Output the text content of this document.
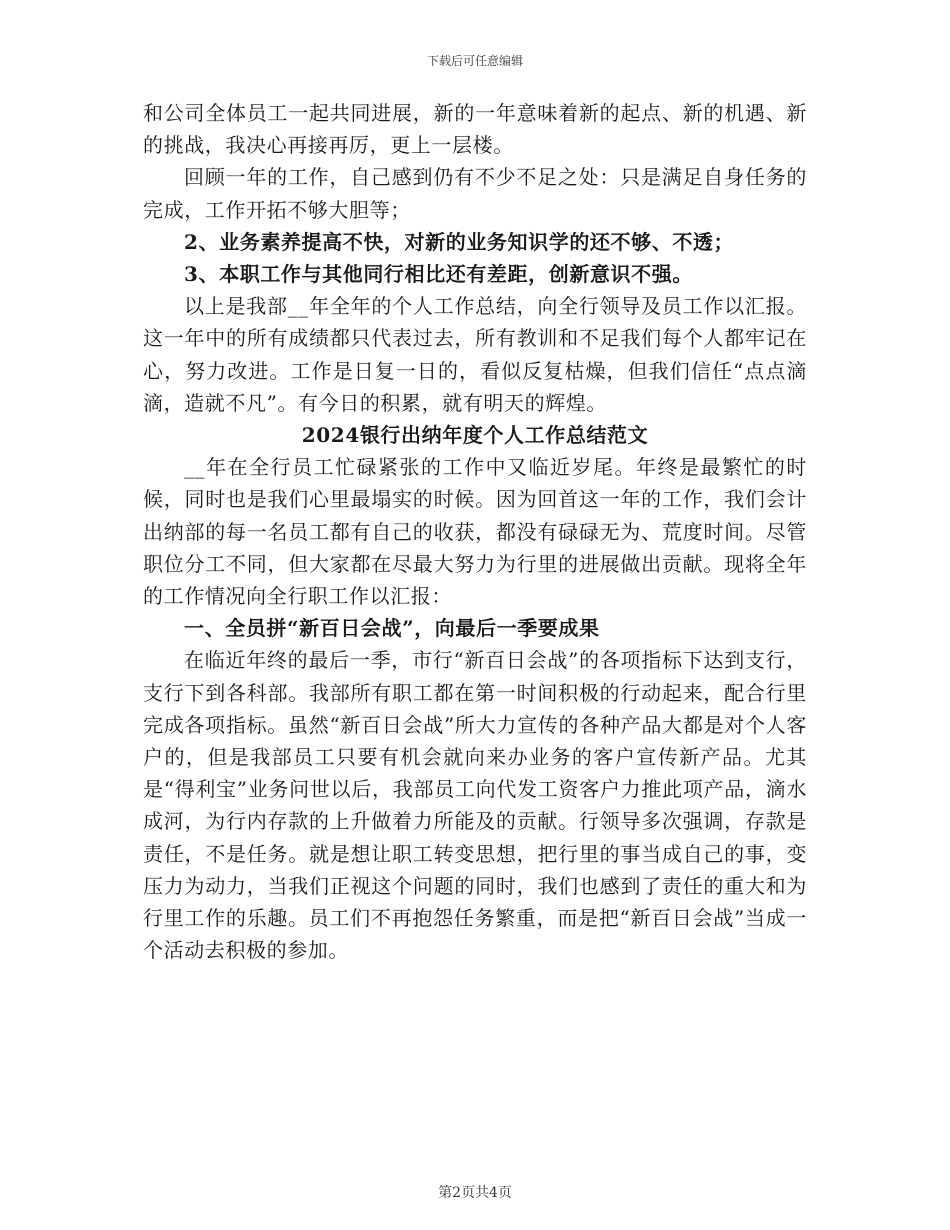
下载后可任意编辑

和公司全体员工一起共同进展，新的一年意味着新的起点、新的机遇、新的挑战，我决心再接再厉，更上一层楼。

回顾一年的工作，自己感到仍有不少不足之处：只是满足自身任务的完成，工作开拓不够大胆等；

2、业务素养提高不快，对新的业务知识学的还不够、不透；

3、本职工作与其他同行相比还有差距，创新意识不强。

以上是我部__年全年的个人工作总结，向全行领导及员工作以汇报。这一年中的所有成绩都只代表过去，所有教训和不足我们每个人都牢记在心，努力改进。工作是日复一日的，看似反复枯燥，但我们信任“点点滴滴，造就不凡”。有今日的积累，就有明天的辉煌。

2024银行出纳年度个人工作总结范文

__年在全行员工忙碌紧张的工作中又临近岁尾。年终是最繁忙的时候，同时也是我们心里最塌实的时候。因为回首这一年的工作，我们会计出纳部的每一名员工都有自己的收获，都没有碌碌无为、荒度时间。尽管职位分工不同，但大家都在尽最大努力为行里的进展做出贡献。现将全年的工作情况向全行职工作以汇报：

一、全员拼“新百日会战”，向最后一季要成果

在临近年终的最后一季，市行“新百日会战”的各项指标下达到支行，支行下到各科部。我部所有职工都在第一时间积极的行动起来，配合行里完成各项指标。虽然“新百日会战”所大力宣传的各种产品大都是对个人客户的，但是我部员工只要有机会就向来办业务的客户宣传新产品。尤其是“得利宝”业务问世以后，我部员工向代发工资客户力推此项产品，滴水成河，为行内存款的上升做着力所能及的贡献。行领导多次强调，存款是责任，不是任务。就是想让职工转变思想，把行里的事当成自己的事，变压力为动力，当我们正视这个问题的同时，我们也感到了责任的重大和为行里工作的乐趣。员工们不再抱怨任务繁重，而是把“新百日会战”当成一个活动去积极的参加。

第2页共4页
